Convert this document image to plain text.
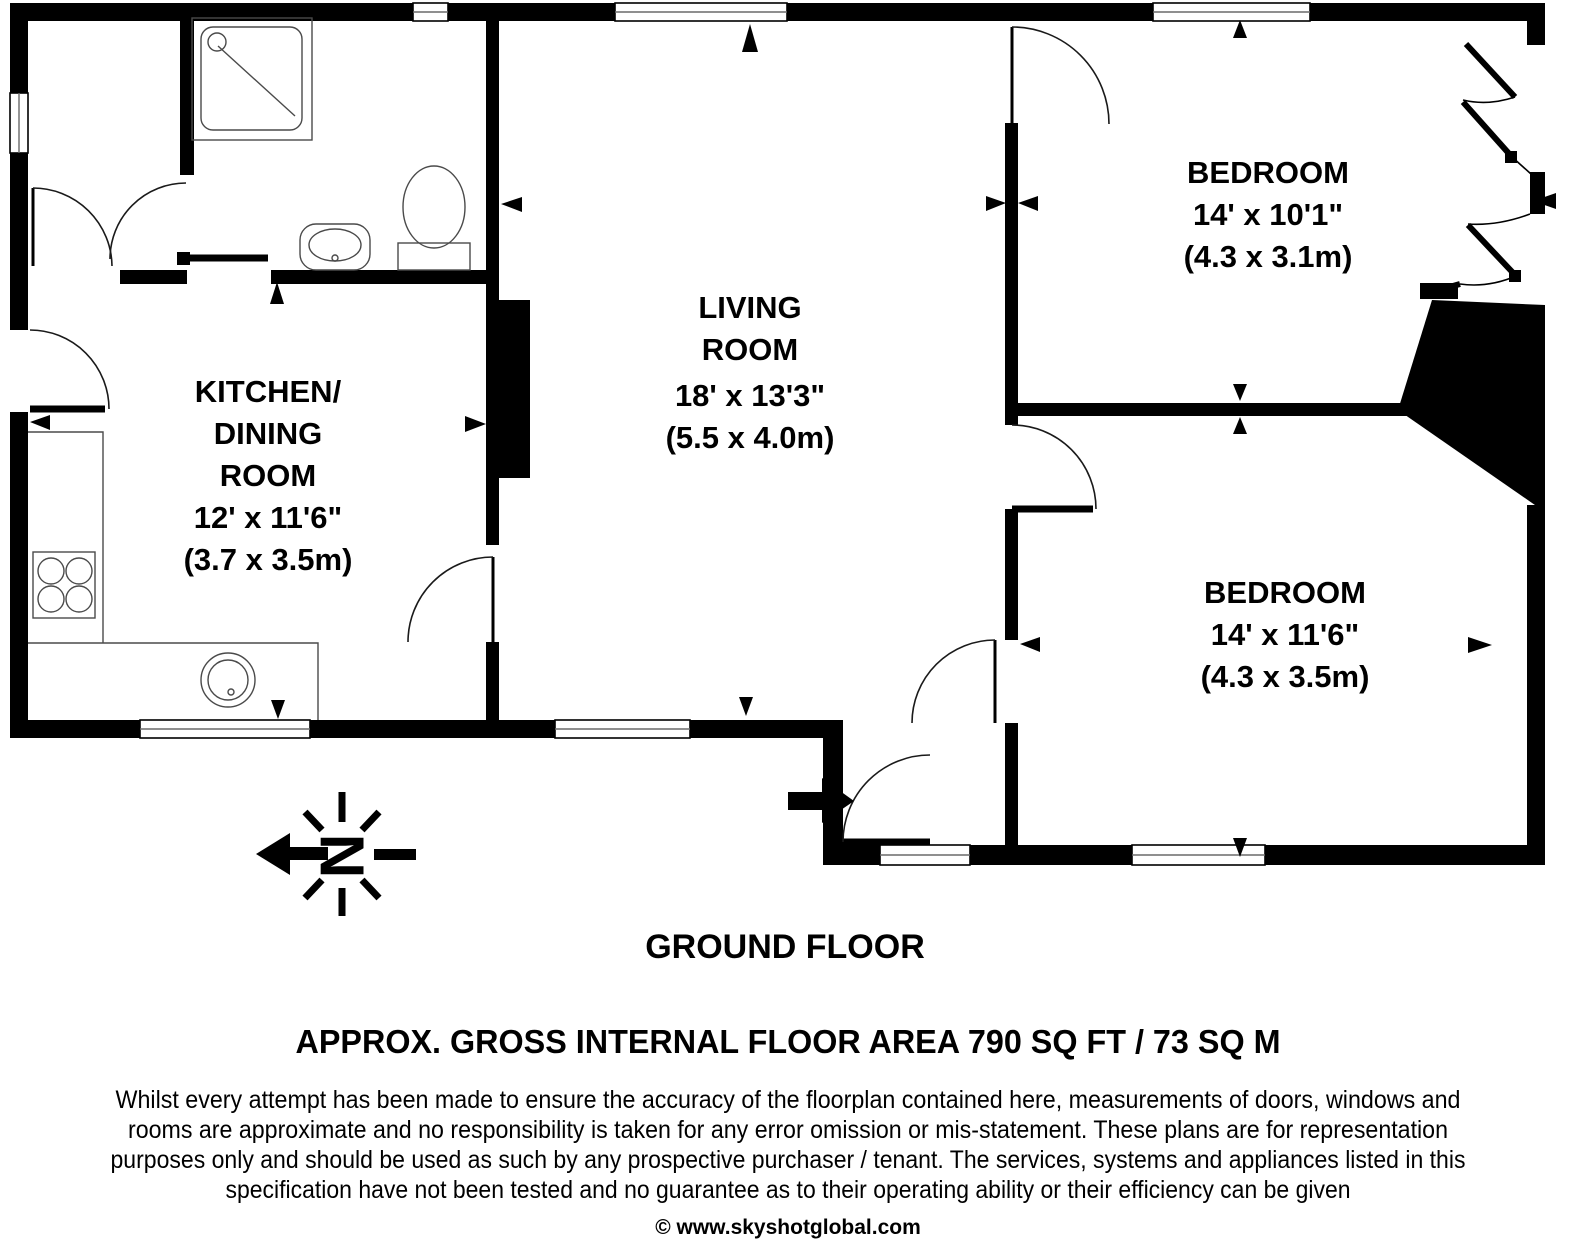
N
KITCHEN/
DINING
ROOM
12' x 11'6"
(3.7 x 3.5m)
LIVING
ROOM
18' x 13'3"
(5.5 x 4.0m)
BEDROOM
14' x 10'1"
(4.3 x 3.1m)
BEDROOM
14' x 11'6"
(4.3 x 3.5m)
GROUND FLOOR
APPROX. GROSS INTERNAL FLOOR AREA 790 SQ FT / 73 SQ M
Whilst every attempt has been made to ensure the accuracy of the floorplan contained here, measurements of doors, windows and
rooms are approximate and no responsibility is taken for any error omission or mis-statement. These plans are for representation
purposes only and should be used as such by any prospective purchaser / tenant. The services, systems and appliances listed in this
specification have not been tested and no guarantee as to their operating ability or their efficiency can be given
© www.skyshotglobal.com
